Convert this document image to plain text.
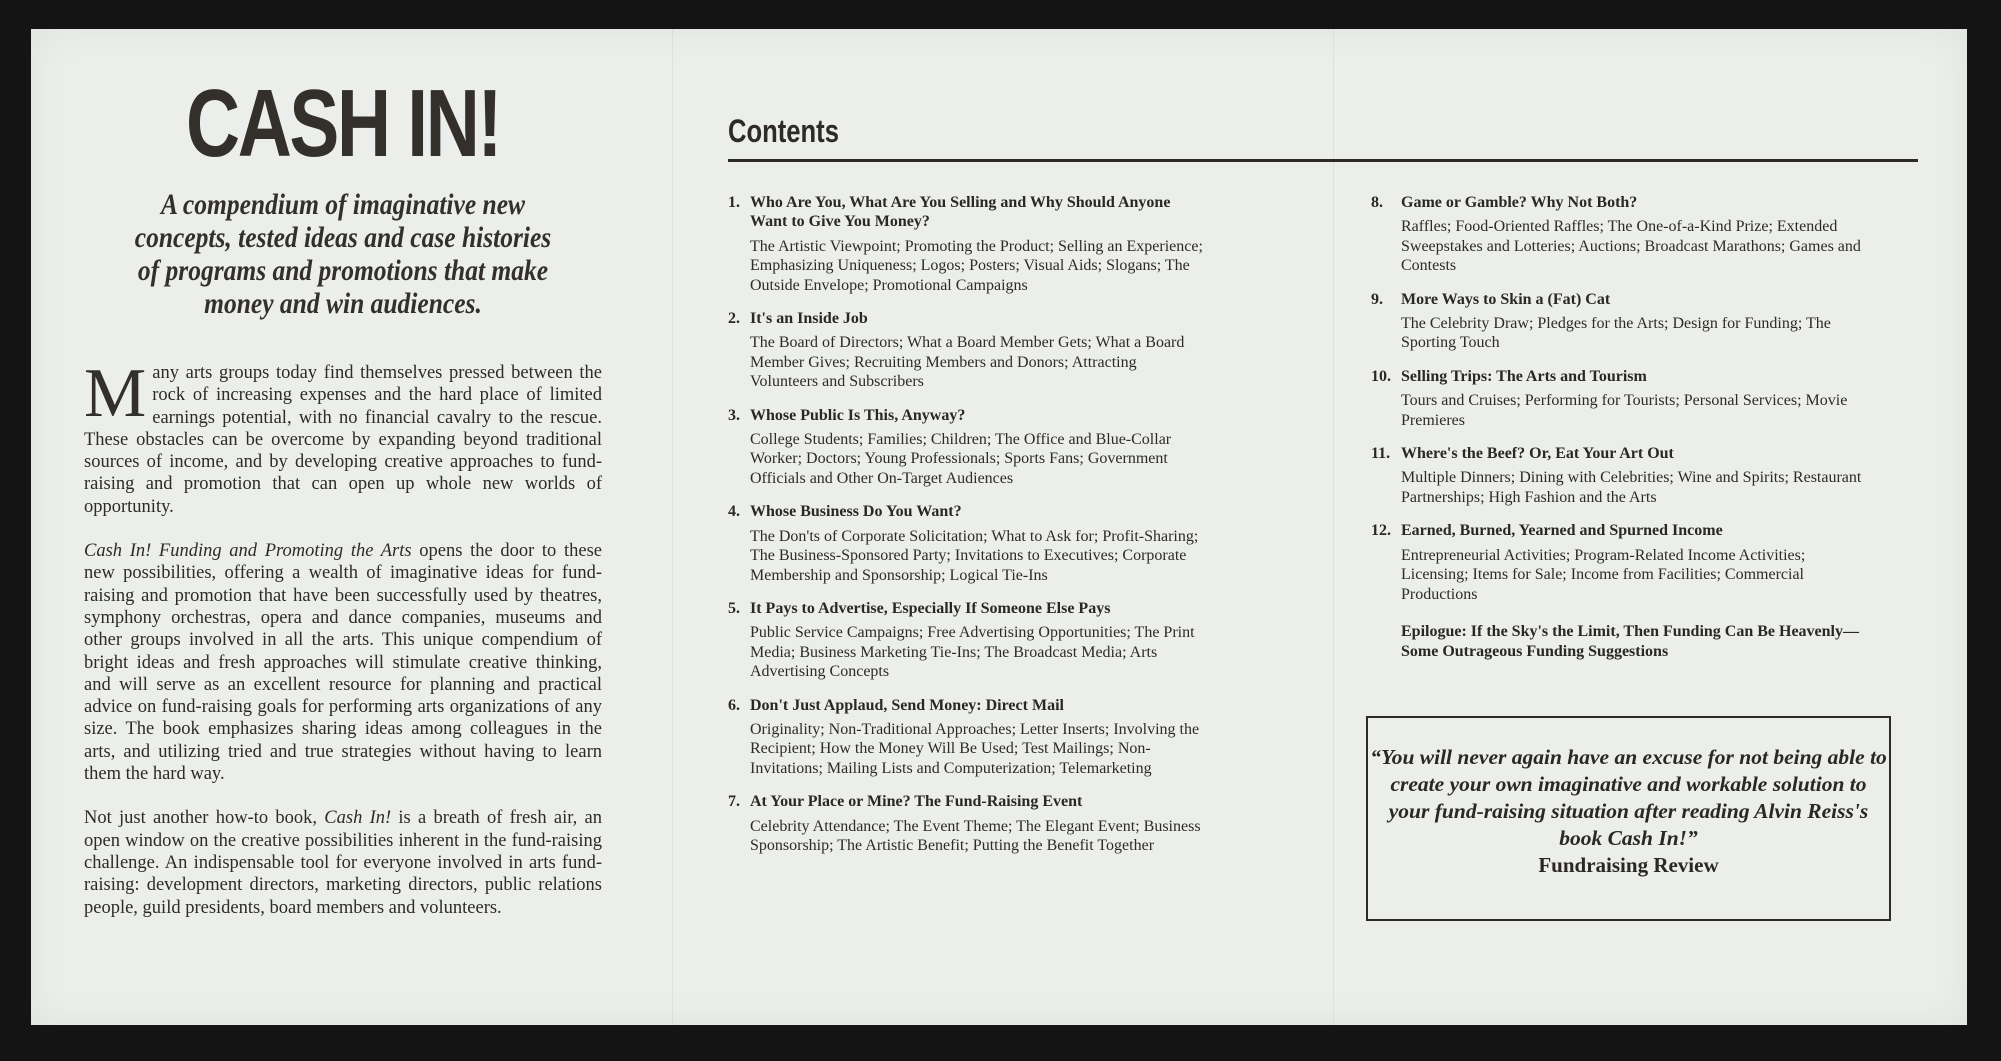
CASH IN!

A compendium of imaginative new concepts, tested ideas and case histories of programs and promotions that make money and win audiences.

Many arts groups today find themselves pressed between the rock of increasing expenses and the hard place of limited earnings potential, with no financial cavalry to the rescue. These obstacles can be overcome by expanding beyond traditional sources of income, and by developing creative approaches to fund-raising and promotion that can open up whole new worlds of opportunity.

Cash In! Funding and Promoting the Arts opens the door to these new possibilities, offering a wealth of imaginative ideas for fund-raising and promotion that have been successfully used by theatres, symphony orchestras, opera and dance companies, museums and other groups involved in all the arts. This unique compendium of bright ideas and fresh approaches will stimulate creative thinking, and will serve as an excellent resource for planning and practical advice on fund-raising goals for performing arts organizations of any size. The book emphasizes sharing ideas among colleagues in the arts, and utilizing tried and true strategies without having to learn them the hard way.

Not just another how-to book, Cash In! is a breath of fresh air, an open window on the creative possibilities inherent in the fund-raising challenge. An indispensable tool for everyone involved in arts fund-raising: development directors, marketing directors, public relations people, guild presidents, board members and volunteers.

Contents
1. Who Are You, What Are You Selling and Why Should Anyone Want to Give You Money?
The Artistic Viewpoint; Promoting the Product; Selling an Experience; Emphasizing Uniqueness; Logos; Posters; Visual Aids; Slogans; The Outside Envelope; Promotional Campaigns
2. It's an Inside Job
The Board of Directors; What a Board Member Gets; What a Board Member Gives; Recruiting Members and Donors; Attracting Volunteers and Subscribers
3. Whose Public Is This, Anyway?
College Students; Families; Children; The Office and Blue-Collar Worker; Doctors; Young Professionals; Sports Fans; Government Officials and Other On-Target Audiences
4. Whose Business Do You Want?
The Don'ts of Corporate Solicitation; What to Ask for; Profit-Sharing; The Business-Sponsored Party; Invitations to Executives; Corporate Membership and Sponsorship; Logical Tie-Ins
5. It Pays to Advertise, Especially If Someone Else Pays
Public Service Campaigns; Free Advertising Opportunities; The Print Media; Business Marketing Tie-Ins; The Broadcast Media; Arts Advertising Concepts
6. Don't Just Applaud, Send Money: Direct Mail
Originality; Non-Traditional Approaches; Letter Inserts; Involving the Recipient; How the Money Will Be Used; Test Mailings; Non-Invitations; Mailing Lists and Computerization; Telemarketing
7. At Your Place or Mine? The Fund-Raising Event
Celebrity Attendance; The Event Theme; The Elegant Event; Business Sponsorship; The Artistic Benefit; Putting the Benefit Together
8.	Game or Gamble? Why Not Both?
Raffles; Food-Oriented Raffles; The One-of-a-Kind Prize; Extended Sweepstakes and Lotteries; Auctions; Broadcast Marathons; Games and Contests
9.	More Ways to Skin a (Fat) Cat
The Celebrity Draw; Pledges for the Arts; Design for Funding; The Sporting Touch
10. Selling Trips: The Arts and Tourism
Tours and Cruises; Performing for Tourists; Personal Services; Movie Premieres
11. Where's the Beef? Or, Eat Your Art Out
Multiple Dinners; Dining with Celebrities; Wine and Spirits; Restaurant Partnerships; High Fashion and the Arts
12. Earned, Burned, Yearned and Spurned Income
Entrepreneurial Activities; Program-Related Income Activities; Licensing; Items for Sale; Income from Facilities; Commercial Productions
Epilogue: If the Sky's the Limit, Then Funding Can Be Heavenly—Some Outrageous Funding Suggestions

“You will never again have an excuse for not being able to create your own imaginative and workable solution to your fund-raising situation after reading Alvin Reiss's book Cash In!”

Fundraising Review
